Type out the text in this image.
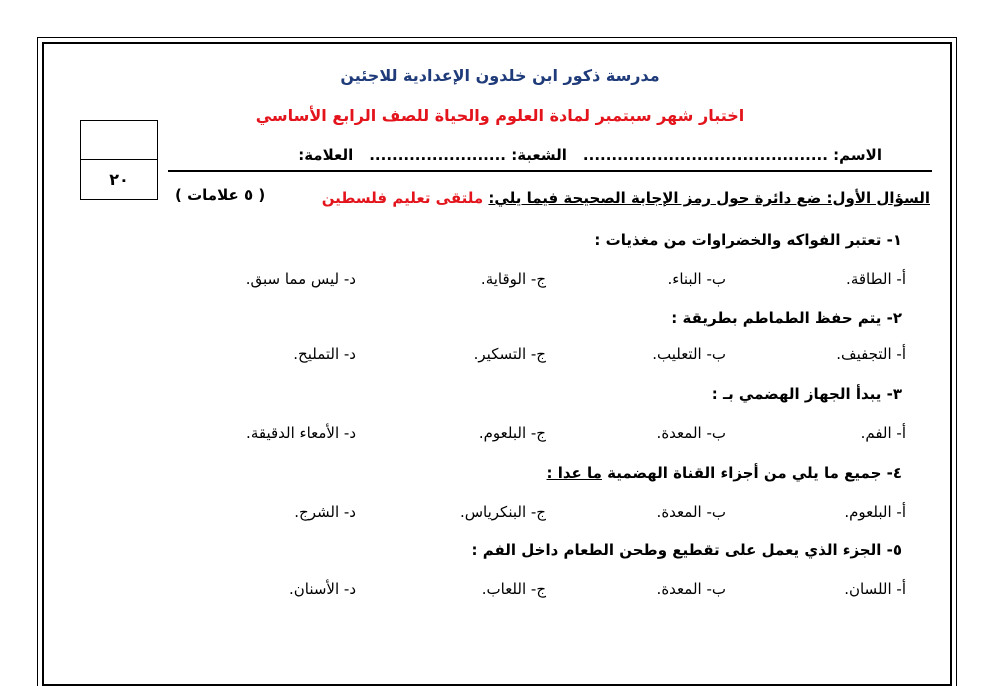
مدرسة ذكور ابن خلدون الإعدادية للاجئين
اختبار شهر سبتمبر لمادة العلوم والحياة للصف الرابع الأساسي
الاسم: ...........................................الشعبة: ........................العلامة:
٢٠
السؤال الأول: ضع دائرة حول رمز الإجابة الصحيحة فيما يلي: ملتقى تعليم فلسطين
( ٥ علامات )
١- تعتبر الفواكه والخضراوات من مغذيات :
أ- الطاقة.
ب- البناء.
ج- الوقاية.
د- ليس مما سبق.
٢- يتم حفظ الطماطم بطريقة :
أ- التجفيف.
ب- التعليب.
ج- التسكير.
د- التمليح.
٣- يبدأ الجهاز الهضمي بـ :
أ- الفم.
ب- المعدة.
ج- البلعوم.
د- الأمعاء الدقيقة.
٤- جميع ما يلي من أجزاء القناة الهضمية ما عدا :
أ- البلعوم.
ب- المعدة.
ج- البنكرياس.
د- الشرج.
٥- الجزء الذي يعمل على تقطيع وطحن الطعام داخل الفم :
أ- اللسان.
ب- المعدة.
ج- اللعاب.
د- الأسنان.
